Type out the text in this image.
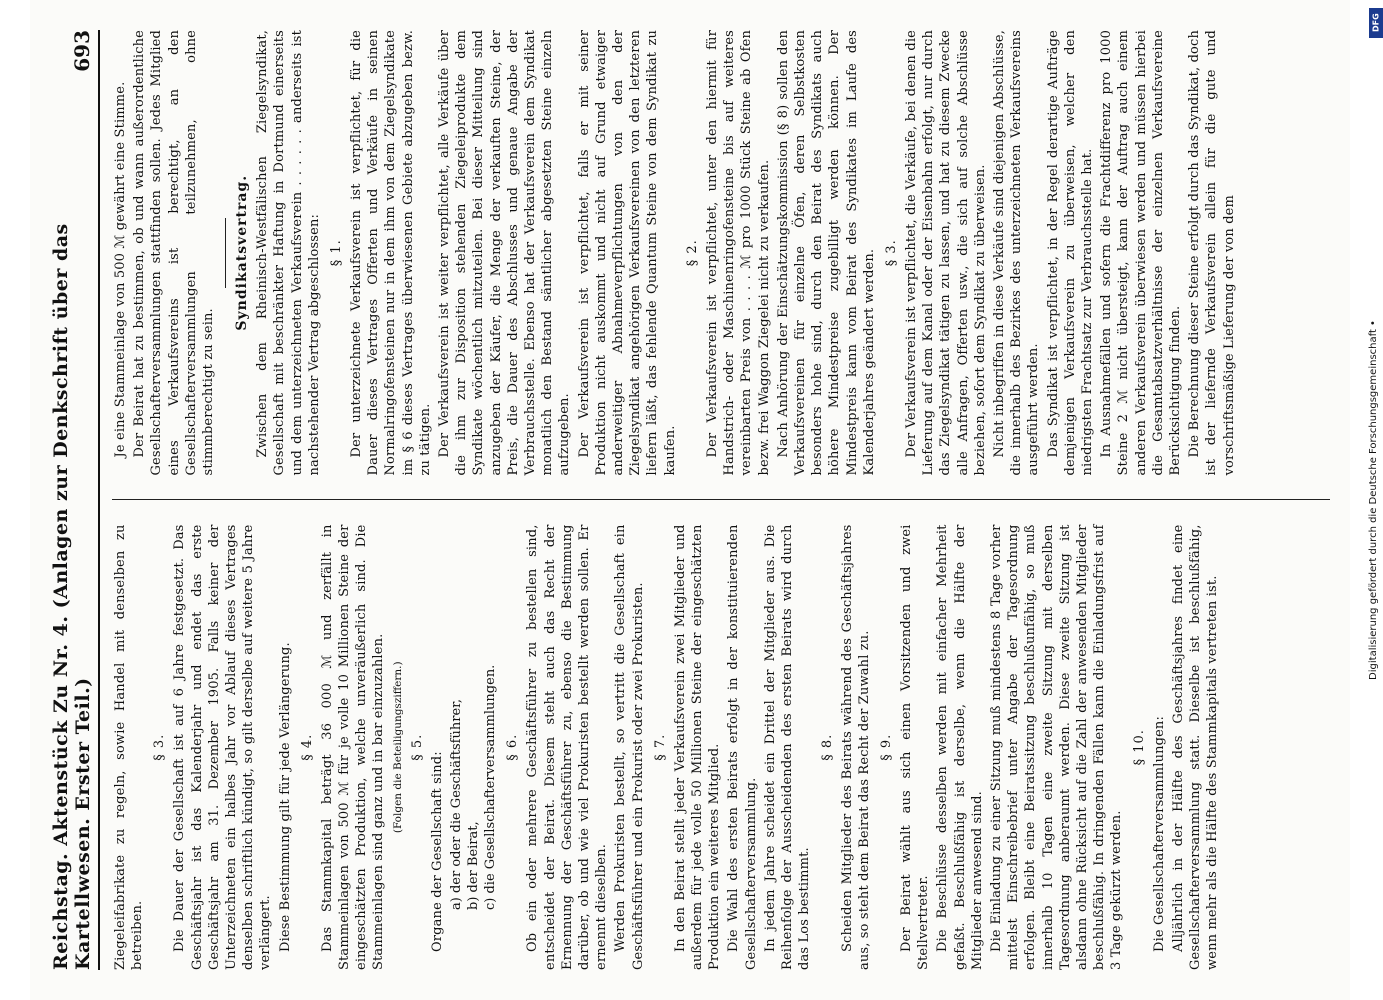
Reichstag. Aktenstück Zu Nr. 4. (Anlagen zur Denkschrift über das Kartellwesen. Erster Teil.)
693

Ziegeleifabrikate zu regeln, sowie Handel mit denselben zu betreiben.

§ 3. Die Dauer der Gesellschaft ist auf 6 Jahre festgesetzt. Das Geschäftsjahr ist das Kalenderjahr und endet das erste Geschäftsjahr am 31. Dezember 1905. Falls keiner der Unterzeichneten ein halbes Jahr vor Ablauf dieses Vertrages denselben schriftlich kündigt, so gilt derselbe auf weitere 5 Jahre verlängert. Diese Bestimmung gilt für jede Verlängerung. § 4. Das Stammkapital beträgt 36 000 ℳ und zerfällt in Stammeinlagen von 500 ℳ für je volle 10 Millionen Steine der eingeschätzten Produktion, welche unveräußerlich sind. Die Stammeinlagen sind ganz und in bar einzuzahlen. (Folgen die Beteiligungsziffern.) § 5.

Organe der Gesellschaft sind: a) der oder die Geschäftsführer, b) der Beirat, c) die Gesellschafterversammlungen. § 6. Ob ein oder mehrere Geschäftsführer zu bestellen sind, entscheidet der Beirat. Diesem steht auch das Recht der Ernennung der Geschäftsführer zu, ebenso die Bestimmung darüber, ob und wie viel Prokuristen bestellt werden sollen. Er ernennt dieselben. Werden Prokuristen bestellt, so vertritt die Gesellschaft ein Geschäftsführer und ein Prokurist oder zwei Prokuristen. § 7. In den Beirat stellt jeder Verkaufsverein zwei Mitglieder und außerdem für jede volle 50 Millionen Steine der eingeschätzten Produktion ein weiteres Mitglied. Die Wahl des ersten Beirats erfolgt in der konstituierenden Gesellschafterversammlung. In jedem Jahre scheidet ein Drittel der Mitglieder aus. Die Reihenfolge der Ausscheidenden des ersten Beirats wird durch das Los bestimmt.

§ 8. Scheiden Mitglieder des Beirats während des Geschäftsjahres aus, so steht dem Beirat das Recht der Zuwahl zu. § 9. Der Beirat wählt aus sich einen Vorsitzenden und zwei Stellvertreter. Die Beschlüsse desselben werden mit einfacher Mehrheit gefaßt. Beschlußfähig ist derselbe, wenn die Hälfte der Mitglieder anwesend sind. Die Einladung zu einer Sitzung muß mindestens 8 Tage vorher mittelst Einschreibebrief unter Angabe der Tagesordnung erfolgen. Bleibt eine Beiratssitzung beschlußunfähig, so muß innerhalb 10 Tagen eine zweite Sitzung mit derselben Tagesordnung anberaumt werden. Diese zweite Sitzung ist alsdann ohne Rücksicht auf die Zahl der anwesenden Mitglieder beschlußfähig. In dringenden Fällen kann die Einladungsfrist auf 3 Tage gekürzt werden.

§ 10. Die Gesellschafterversammlungen: Alljährlich in der Hälfte des Geschäftsjahres findet eine Gesellschafterversammlung statt. Dieselbe ist beschlußfähig, wenn mehr als die Hälfte des Stammkapitals vertreten ist.

Je eine Stammeinlage von 500 ℳ gewährt eine Stimme. Der Beirat hat zu bestimmen, ob und wann außerordentliche Gesellschafterversammlungen stattfinden sollen. Jedes Mitglied eines Verkaufsvereins ist berechtigt, an den Gesellschafterversammlungen teilzunehmen, ohne stimmberechtigt zu sein.

Syndikatsvertrag. Zwischen dem Rheinisch-Westfälischen Ziegelsyndikat, Gesellschaft mit beschränkter Haftung in Dortmund einerseits und dem unterzeichneten Verkaufsverein . . . . . . anderseits ist nachstehender Vertrag abgeschlossen: § 1. Der unterzeichnete Verkaufsverein ist verpflichtet, für die Dauer dieses Vertrages Offerten und Verkäufe in seinen Normalringofensteinen nur in dem ihm von dem Ziegelsyndikate im § 6 dieses Vertrages überwiesenen Gebiete abzugeben bezw. zu tätigen. Der Verkaufsverein ist weiter verpflichtet, alle Verkäufe über die ihm zur Disposition stehenden Ziegeleiprodukte dem Syndikate wöchentlich mitzuteilen. Bei dieser Mitteilung sind anzugeben der Käufer, die Menge der verkauften Steine, der Preis, die Dauer des Abschlusses und genaue Angabe der Verbrauchsstelle. Ebenso hat der Verkaufsverein dem Syndikat monatlich den Bestand sämtlicher abgesetzten Steine einzeln aufzugeben. Der Verkaufsverein ist verpflichtet, falls er mit seiner Produktion nicht auskommt und nicht auf Grund etwaiger anderweitiger Abnahmeverpflichtungen von den der Ziegelsyndikat angehörigen Verkaufsvereinen von den letzteren liefern läßt, das fehlende Quantum Steine von dem Syndikat zu kaufen.

§ 2. Der Verkaufsverein ist verpflichtet, unter den hiermit für Handstrich- oder Maschinenringofensteine bis auf weiteres vereinbarten Preis von . . . . ℳ pro 1000 Stück Steine ab Ofen bezw. frei Waggon Ziegelei nicht zu verkaufen. Nach Anhörung der Einschätzungskommission (§ 8) sollen den Verkaufsvereinen für einzelne Öfen, deren Selbstkosten besonders hohe sind, durch den Beirat des Syndikats auch höhere Mindestpreise zugebilligt werden können. Der Mindestpreis kann vom Beirat des Syndikates im Laufe des Kalenderjahres geändert werden. § 3. Der Verkaufsverein ist verpflichtet, die Verkäufe, bei denen die Lieferung auf dem Kanal oder der Eisenbahn erfolgt, nur durch das Ziegelsyndikat tätigen zu lassen, und hat zu diesem Zwecke alle Anfragen, Offerten usw., die sich auf solche Abschlüsse beziehen, sofort dem Syndikat zu überweisen. Nicht inbegriffen in diese Verkäufe sind diejenigen Abschlüsse, die innerhalb des Bezirkes des unterzeichneten Verkaufsvereins ausgeführt werden. Das Syndikat ist verpflichtet, in der Regel derartige Aufträge demjenigen Verkaufsverein zu überweisen, welcher den niedrigsten Frachtsatz zur Verbrauchsstelle hat. In Ausnahmefällen und sofern die Frachtdifferenz pro 1000 Steine 2 ℳ nicht übersteigt, kann der Auftrag auch einem anderen Verkaufsverein überwiesen werden und müssen hierbei die Gesamtabsatzverhältnisse der einzelnen Verkaufsvereine Berücksichtigung finden. Die Berechnung dieser Steine erfolgt durch das Syndikat, doch ist der liefernde Verkaufsverein allein für die gute und vorschriftsmäßige Lieferung der von dem	Digitalisierung gefördert durch die Deutsche Forschungsgemeinschaft •
DFG
